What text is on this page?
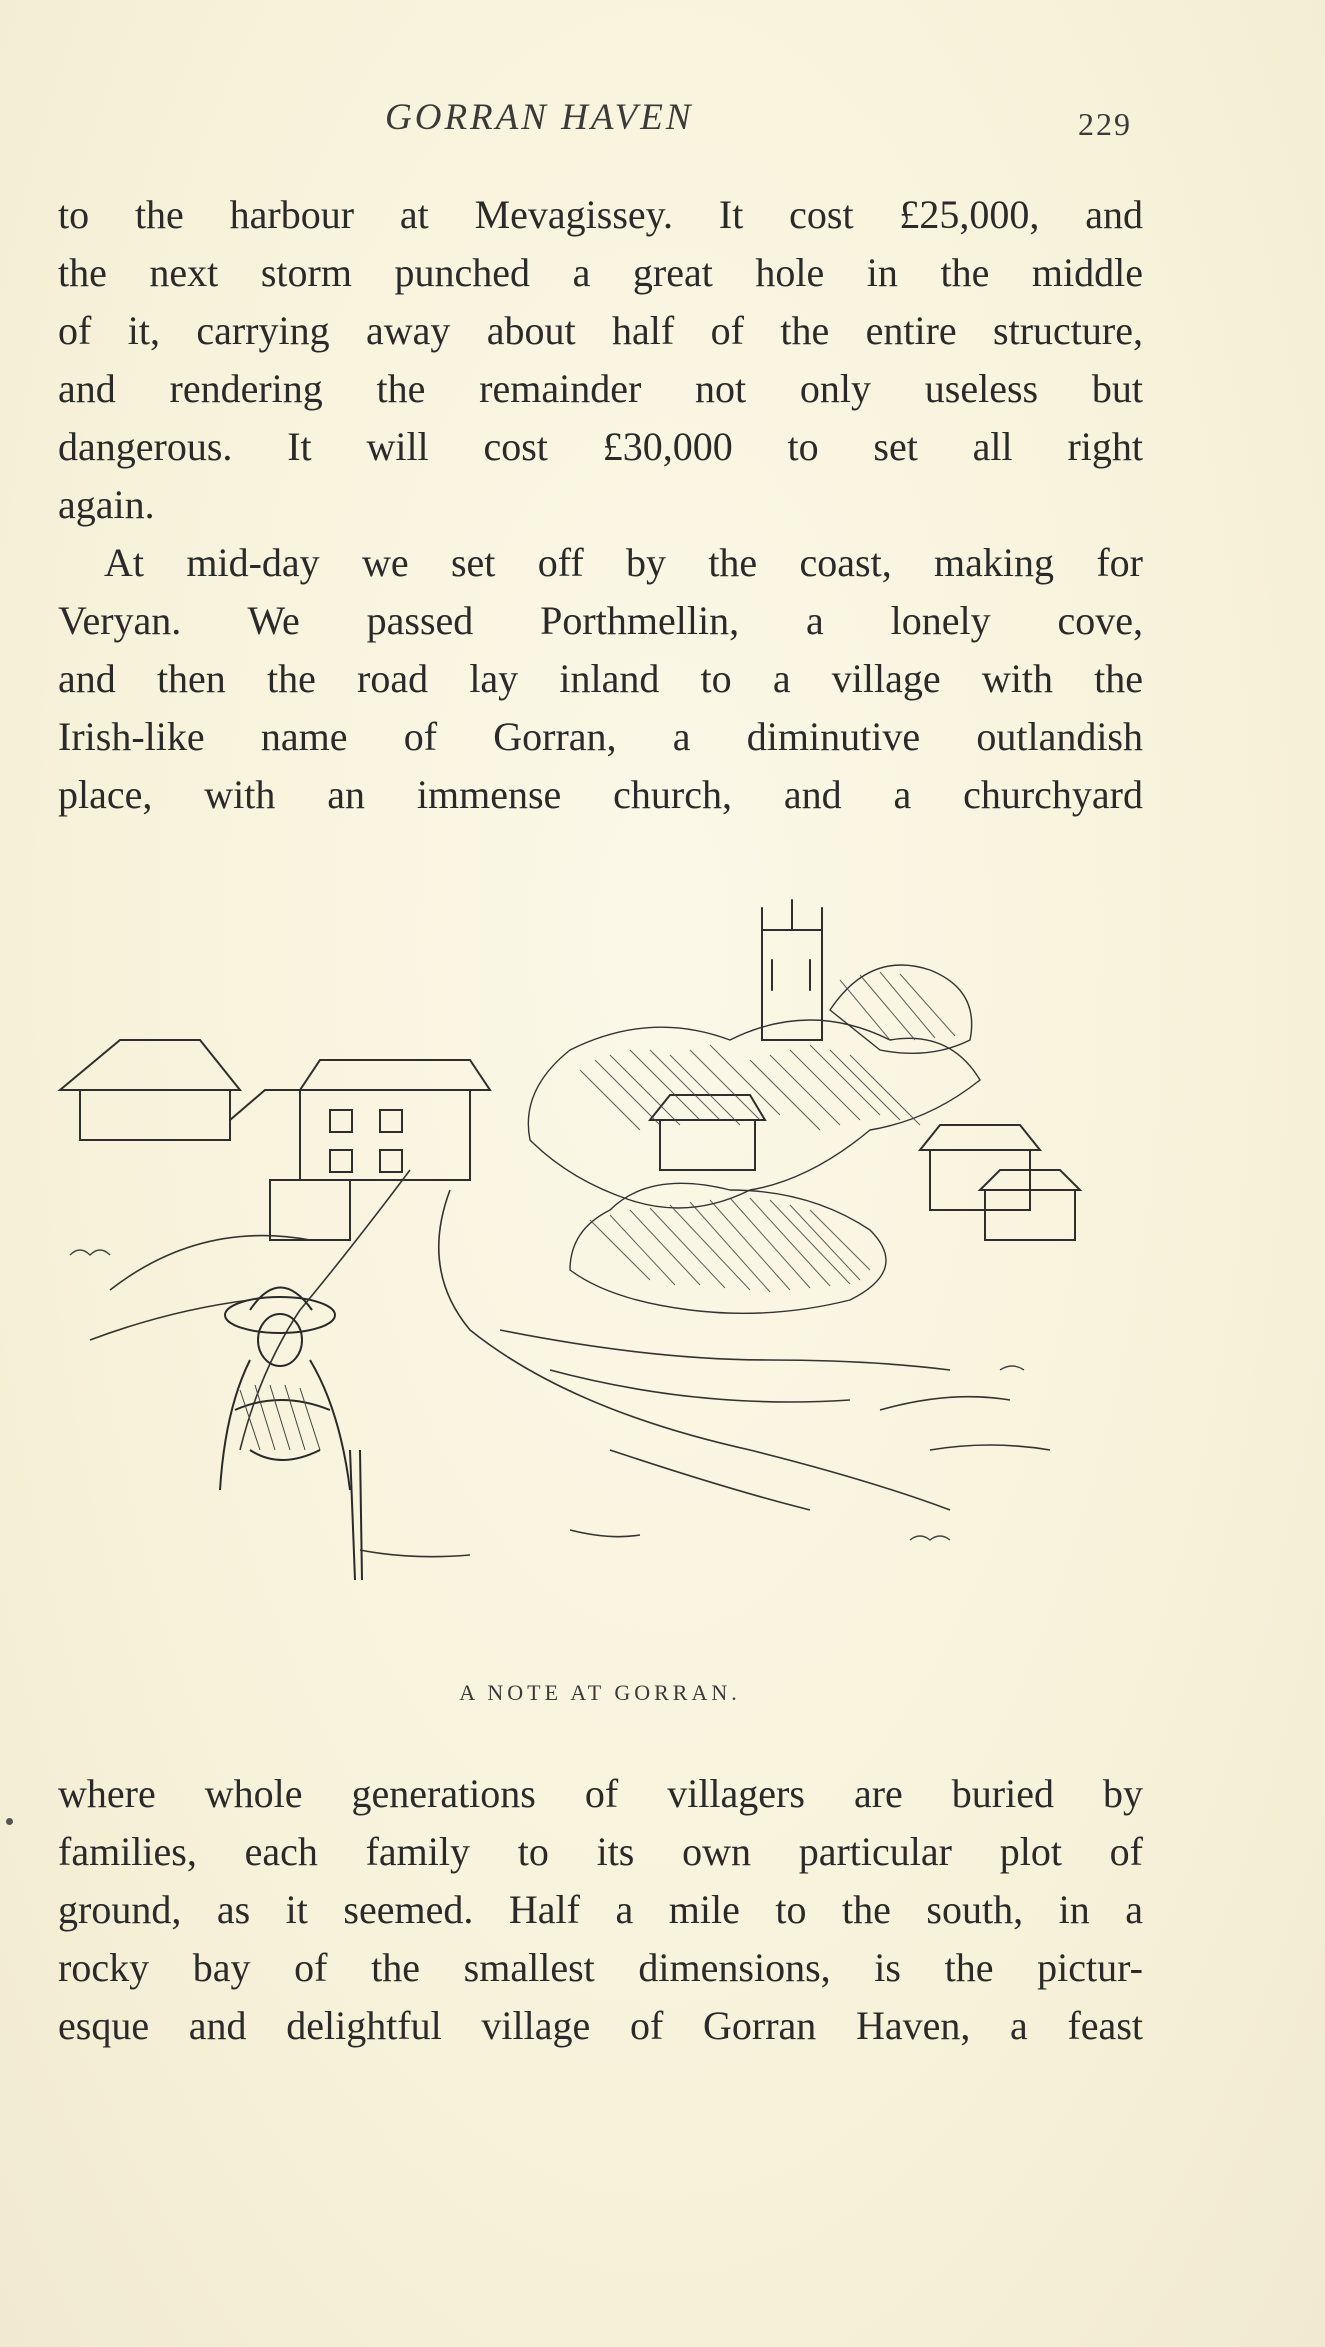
GORRAN HAVEN	229
to the harbour at Mevagissey. It cost £25,000, and
the next storm punched a great hole in the middle
of it, carrying away about half of the entire structure,
and rendering the remainder not only useless but
dangerous. It will cost £30,000 to set all right
again.
At mid-day we set off by the coast, making for
Veryan. We passed Porthmellin, a lonely cove,
and then the road lay inland to a village with the
Irish-like name of Gorran, a diminutive outlandish
place, with an immense church, and a churchyard
A NOTE AT GORRAN.
where whole generations of villagers are buried by
families, each family to its own particular plot of
ground, as it seemed. Half a mile to the south, in a
rocky bay of the smallest dimensions, is the pictur-
esque and delightful village of Gorran Haven, a feast
